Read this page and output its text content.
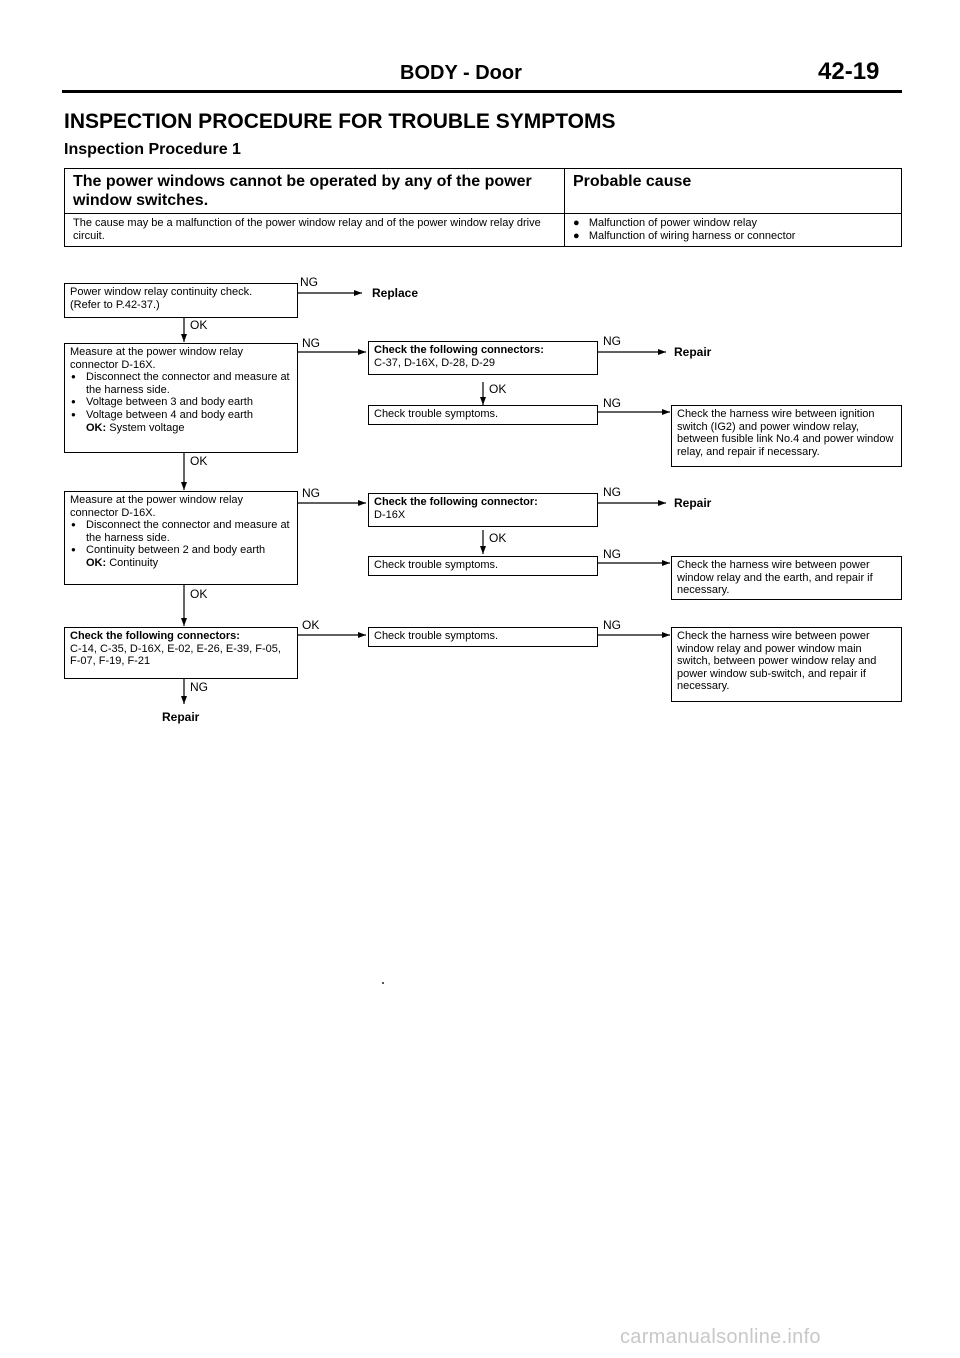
BODY - Door	42-19
INSPECTION PROCEDURE FOR TROUBLE SYMPTOMS
Inspection Procedure 1
The power windows cannot be operated by any of the power window switches.	Probable cause
The cause may be a malfunction of the power window relay and of the power window relay drive circuit.	●   Malfunction of power window relay
●   Malfunction of wiring harness or connector
Power window relay continuity check.
(Refer to P.42-37.)
NG
Replace
OK
Measure at the power window relay connector D-16X.
● Disconnect the connector and measure at the harness side.
● Voltage between 3 and body earth
● Voltage between 4 and body earth
OK: System voltage
NG
OK
Check the following connectors:
C-37, D-16X, D-28, D-29
NG
Repair
OK
Check trouble symptoms.
NG
Check the harness wire between ignition switch (IG2) and power window relay, between fusible link No.4 and power window relay, and repair if necessary.
Measure at the power window relay connector D-16X.
● Disconnect the connector and measure at the harness side.
● Continuity between 2 and body earth
OK: Continuity
NG
OK
Check the following connector:
D-16X
NG
Repair
OK
Check trouble symptoms.
NG
Check the harness wire between power window relay and the earth, and repair if necessary.
Check the following connectors:
C-14, C-35, D-16X, E-02, E-26, E-39, F-05, F-07, F-19, F-21
OK
NG
Repair
Check trouble symptoms.
NG
Check the harness wire between power window relay and power window main switch, between power window relay and power window sub-switch, and repair if necessary.
carmanualsonline.info
